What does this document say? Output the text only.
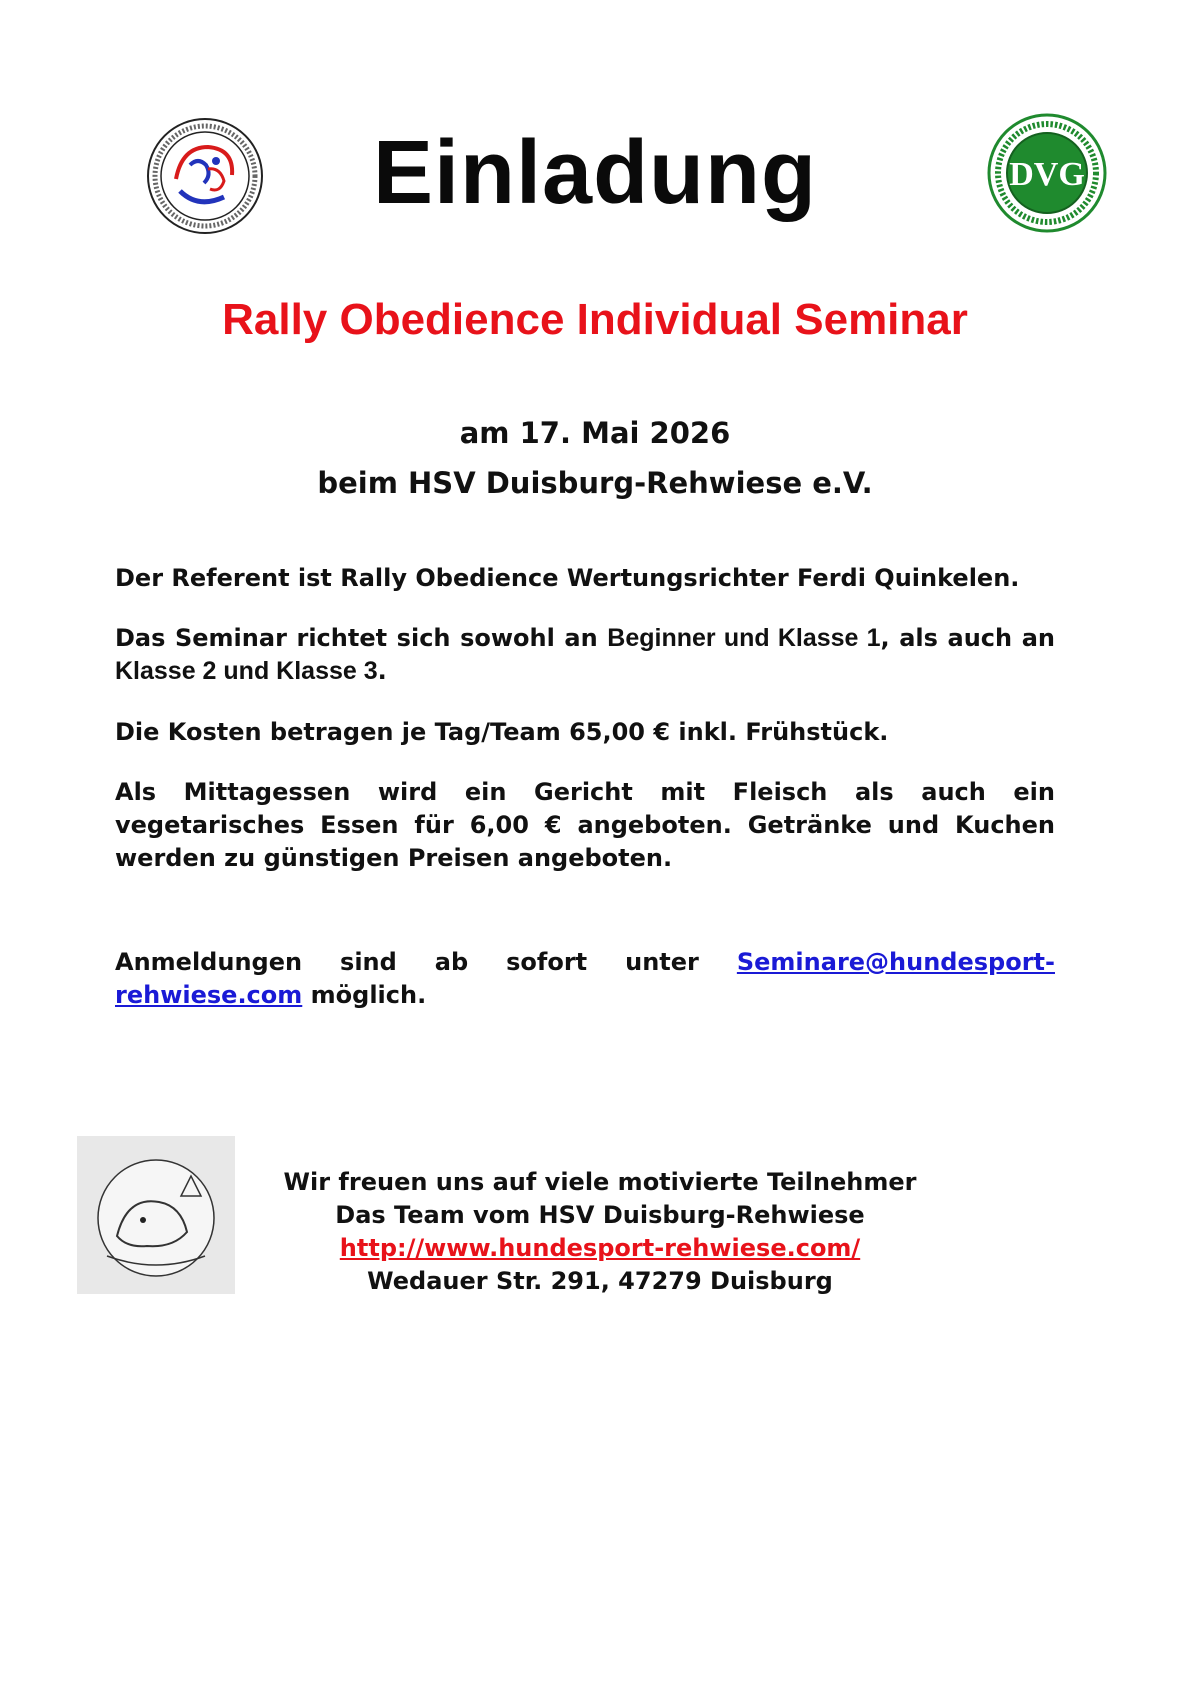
DVG
Einladung
Rally Obedience Individual Seminar
am 17. Mai 2026
beim HSV Duisburg-Rehwiese e.V.

Der Referent ist Rally Obedience Wertungsrichter Ferdi Quinkelen.

Das Seminar richtet sich sowohl an Beginner und Klasse 1, als auch an Klasse 2 und Klasse 3.

Die Kosten betragen je Tag/Team 65,00 € inkl. Frühstück.

Als Mittagessen wird ein Gericht mit Fleisch als auch ein vegetarisches Essen für 6,00 € angeboten. Getränke und Kuchen werden zu günstigen Preisen angeboten.

Anmeldungen sind ab sofort unter Seminare@hundesport-rehwiese.com möglich.

Wir freuen uns auf viele motivierte Teilnehmer
Das Team vom HSV Duisburg-Rehwiese
http://www.hundesport-rehwiese.com/
Wedauer Str. 291, 47279 Duisburg
